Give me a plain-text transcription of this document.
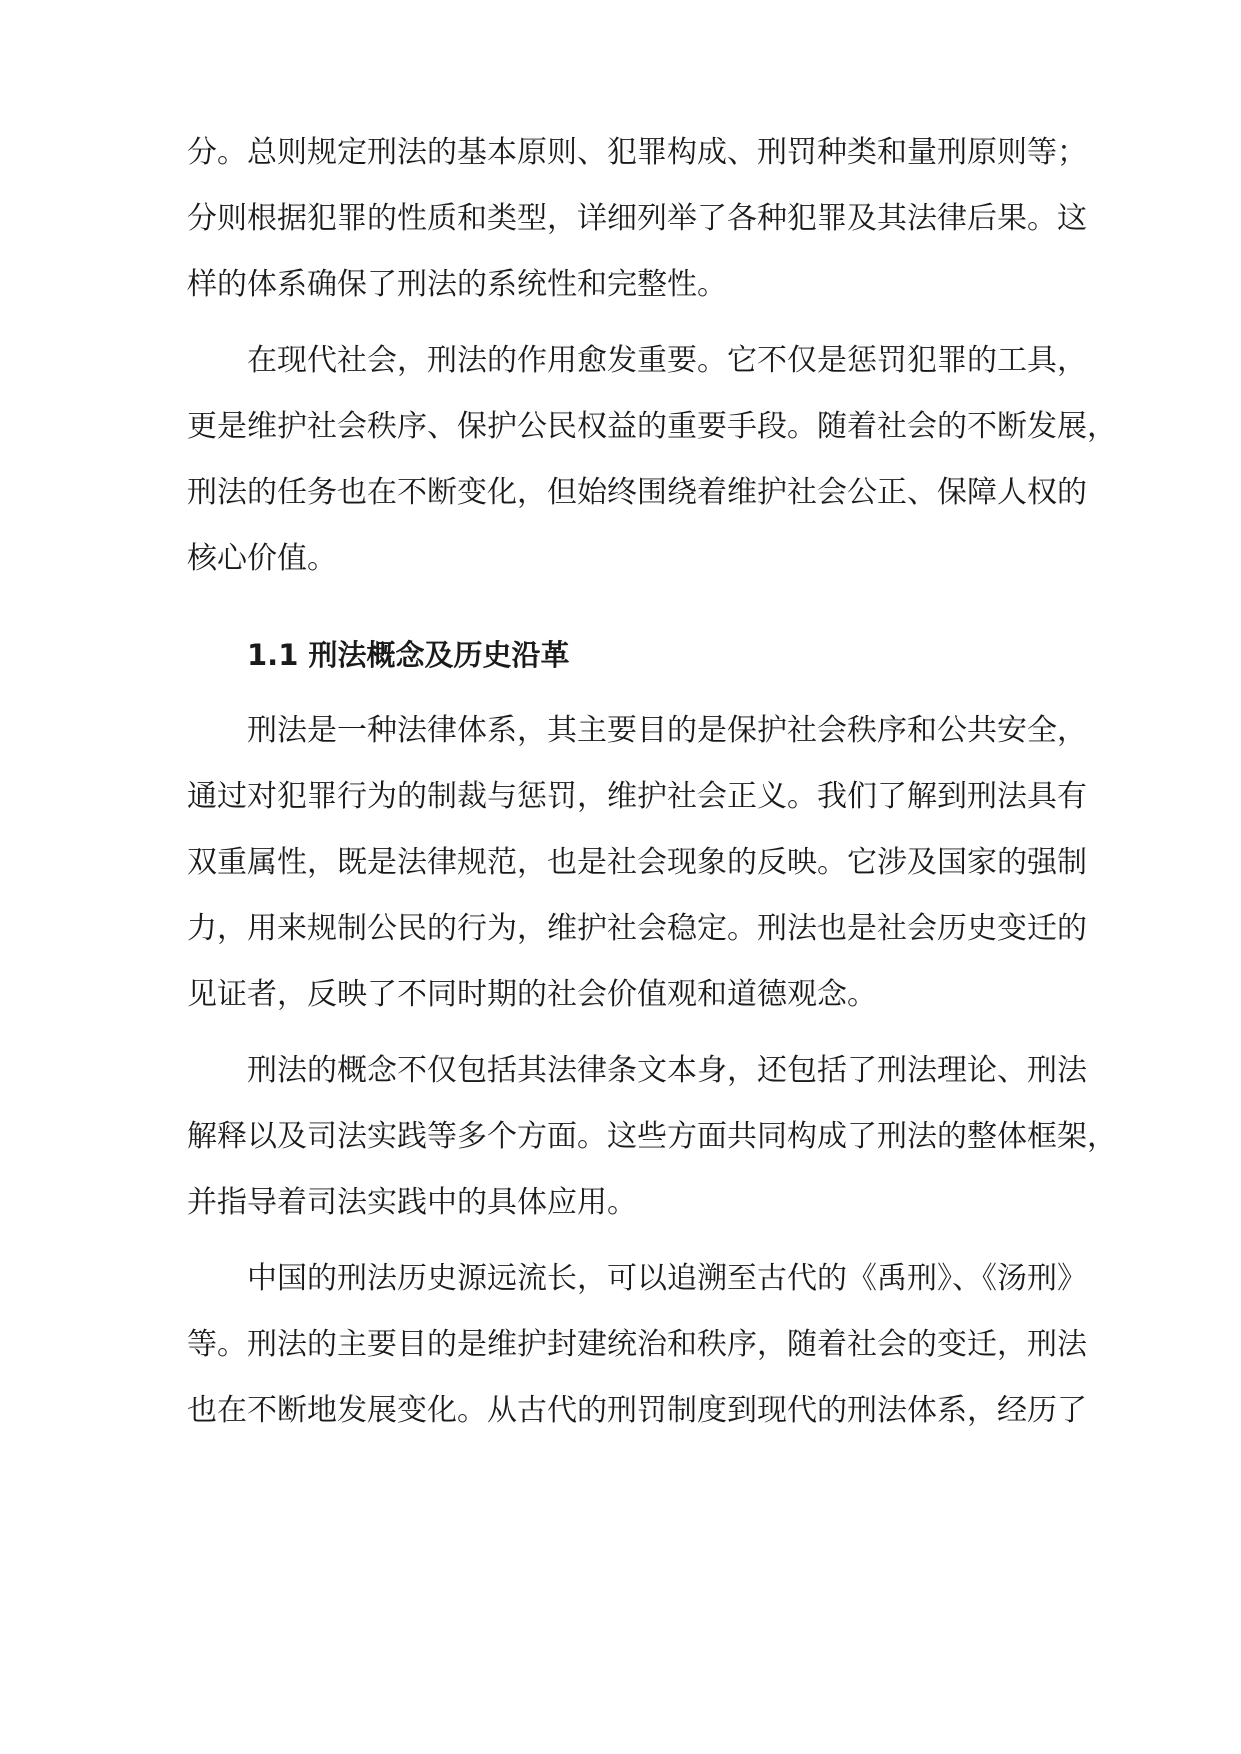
分。总则规定刑法的基本原则、犯罪构成、刑罚种类和量刑原则等；
分则根据犯罪的性质和类型，详细列举了各种犯罪及其法律后果。这
样的体系确保了刑法的系统性和完整性。
在现代社会，刑法的作用愈发重要。它不仅是惩罚犯罪的工具，
更是维护社会秩序、保护公民权益的重要手段。随着社会的不断发展，
刑法的任务也在不断变化，但始终围绕着维护社会公正、保障人权的
核心价值。
1.1 刑法概念及历史沿革
刑法是一种法律体系，其主要目的是保护社会秩序和公共安全，
通过对犯罪行为的制裁与惩罚，维护社会正义。我们了解到刑法具有
双重属性，既是法律规范，也是社会现象的反映。它涉及国家的强制
力，用来规制公民的行为，维护社会稳定。刑法也是社会历史变迁的
见证者，反映了不同时期的社会价值观和道德观念。
刑法的概念不仅包括其法律条文本身，还包括了刑法理论、刑法
解释以及司法实践等多个方面。这些方面共同构成了刑法的整体框架，
并指导着司法实践中的具体应用。
中国的刑法历史源远流长，可以追溯至古代的《禹刑》、《汤刑》
等。刑法的主要目的是维护封建统治和秩序，随着社会的变迁，刑法
也在不断地发展变化。从古代的刑罚制度到现代的刑法体系，经历了
